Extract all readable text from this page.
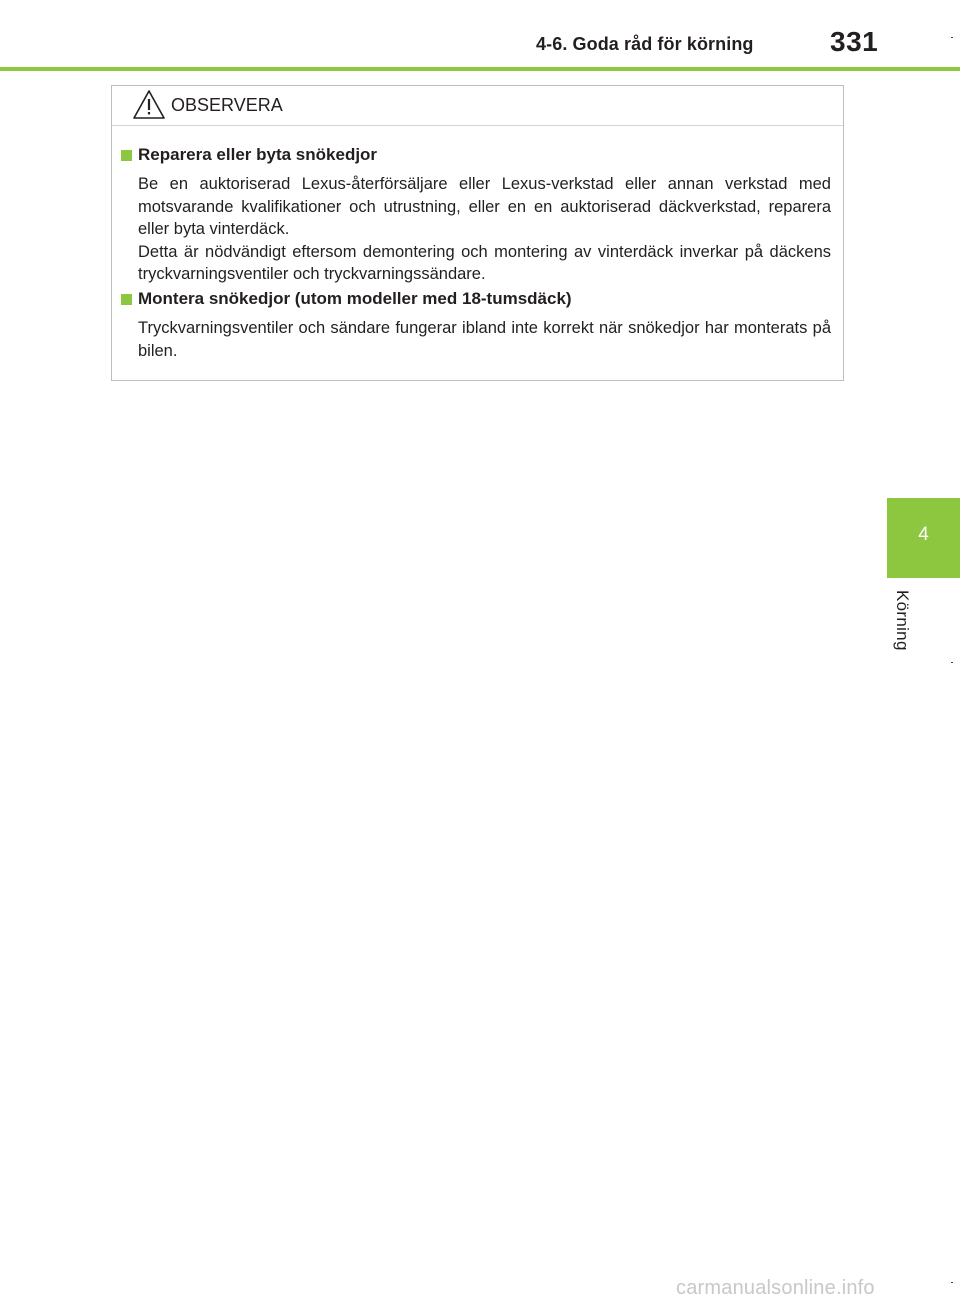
4-6. Goda råd för körning	331
OBSERVERA
Reparera eller byta snökedjor

Be en auktoriserad Lexus-återförsäljare eller Lexus-verkstad eller annan verkstad med motsvarande kvalifikationer och utrustning, eller en en auktoriserad däckverkstad, reparera eller byta vinterdäck.

Detta är nödvändigt eftersom demontering och montering av vinterdäck inverkar på däckens tryckvarningsventiler och tryckvarningssändare.

Montera snökedjor (utom modeller med 18-tumsdäck)

Tryckvarningsventiler och sändare fungerar ibland inte korrekt när snökedjor har monterats på bilen.

4
Körning
carmanualsonline.info
